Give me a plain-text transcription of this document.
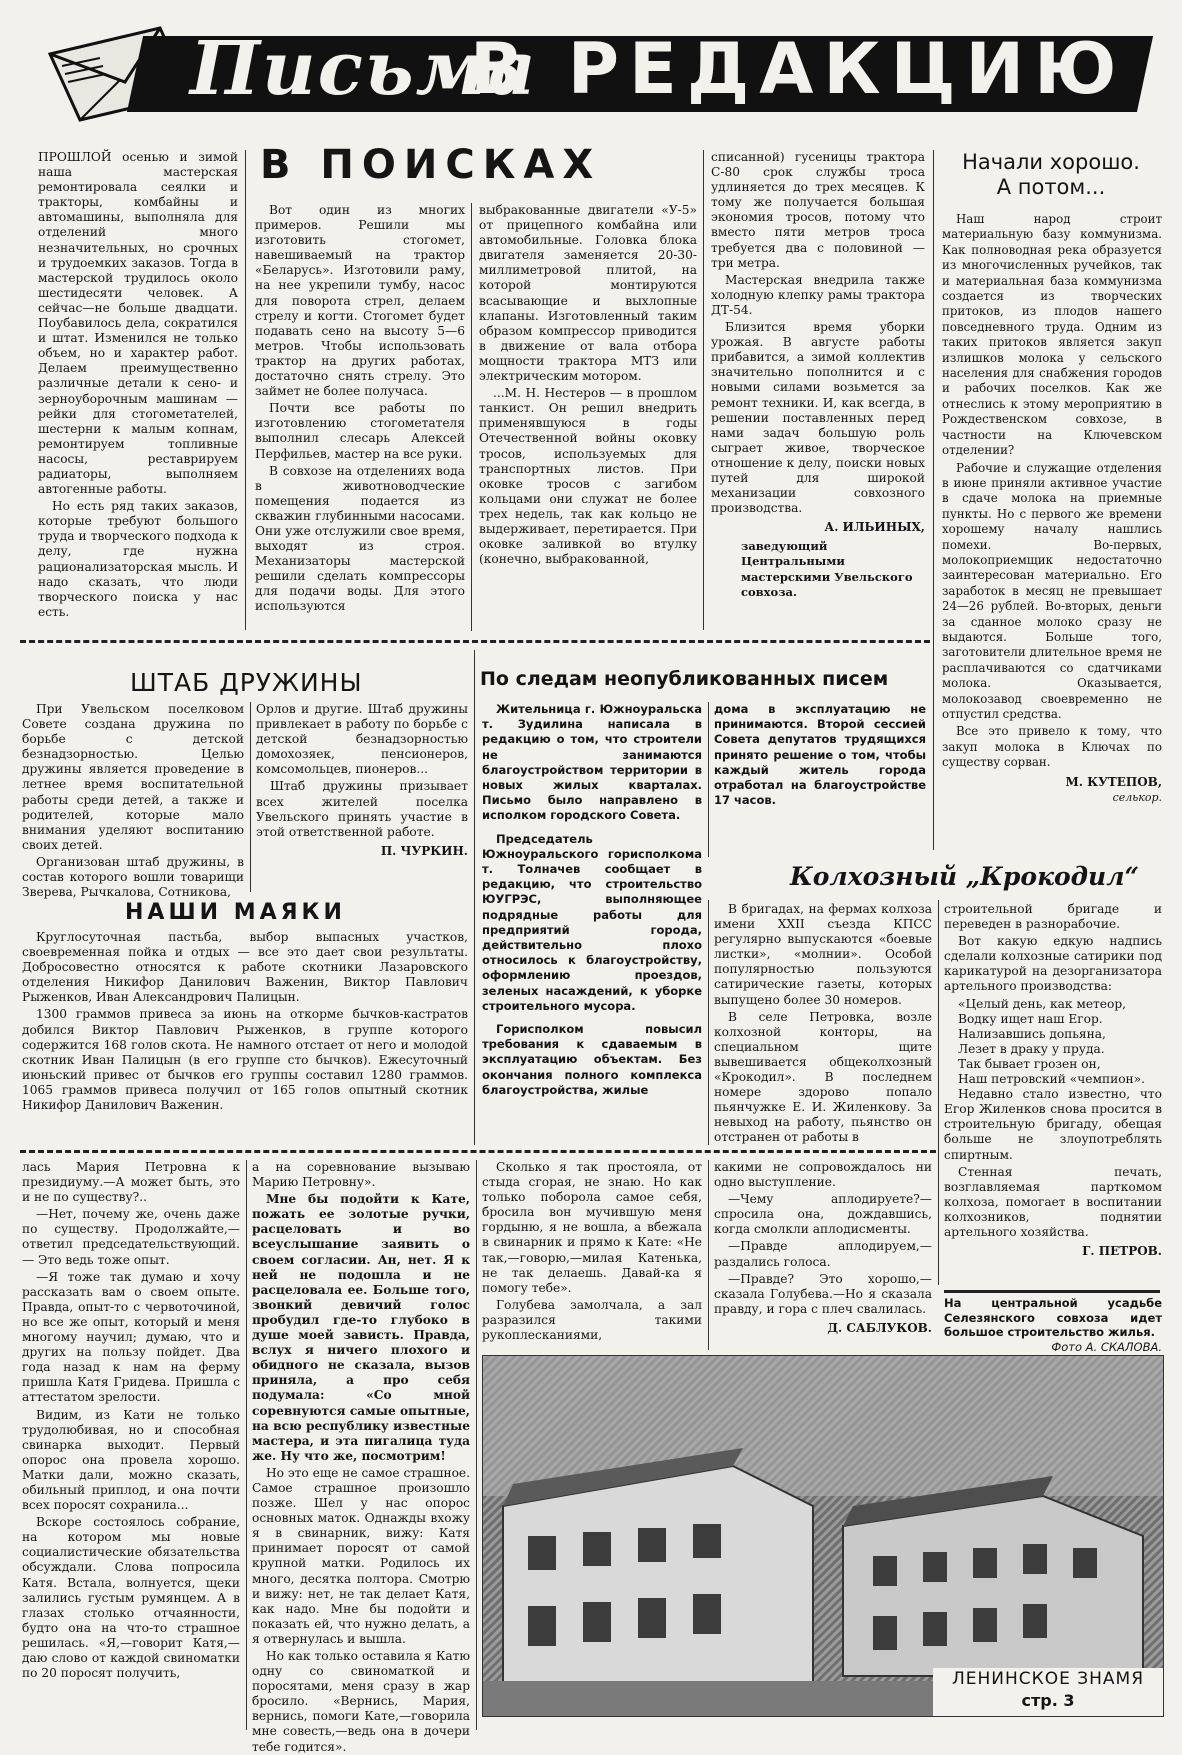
Письма
В РЕДАКЦИЮ
В ПОИСКАХ

ПРОШЛОЙ осенью и зимой наша мастерская ремонтировала сеялки и тракторы, комбайны и автомашины, выполняла для отделений много незначительных, но срочных и трудоемких заказов. Тогда в мастерской трудилось около шестидесяти человек. А сейчас—не больше двадцати. Поубавилось дела, сократился и штат. Изменился не только объем, но и характер работ. Делаем преимущественно различные детали к сено- и зерноуборочным машинам — рейки для стогометателей, шестерни к малым копнам, ремонтируем топливные насосы, реставрируем радиаторы, выполняем автогенные работы.

Но есть ряд таких заказов, которые требуют большого труда и творческого подхода к делу, где нужна рационализаторская мысль. И надо сказать, что люди творческого поиска у нас есть.

Вот один из многих примеров. Решили мы изготовить стогомет, навешиваемый на трактор «Беларусь». Изготовили раму, на нее укрепили тумбу, насос для поворота стрел, делаем стрелу и когти. Стогомет будет подавать сено на высоту 5—6 метров. Чтобы использовать трактор на других работах, достаточно снять стрелу. Это займет не более получаса.

Почти все работы по изготовлению стогометателя выполнил слесарь Алексей Перфильев, мастер на все руки.

В совхозе на отделениях вода в животноводческие помещения подается из скважин глубинными насосами. Они уже отслужили свое время, выходят из строя. Механизаторы мастерской решили сделать компрессоры для подачи воды. Для этого используются

выбракованные двигатели «У-5» от прицепного комбайна или автомобильные. Головка блока двигателя заменяется 20-30-миллиметровой плитой, на которой монтируются всасывающие и выхлопные клапаны. Изготовленный таким образом компрессор приводится в движение от вала отбора мощности трактора МТЗ или электрическим мотором.

...М. Н. Нестеров — в прошлом танкист. Он решил внедрить применявшуюся в годы Отечественной войны оковку тросов, используемых для транспортных листов. При оковке тросов с загибом кольцами они служат не более трех недель, так как кольцо не выдерживает, перетирается. При оковке заливкой во втулку (конечно, выбракованной,

списанной) гусеницы трактора С-80 срок службы троса удлиняется до трех месяцев. К тому же получается большая экономия тросов, потому что вместо пяти метров троса требуется два с половиной — три метра.

Мастерская внедрила также холодную клепку рамы трактора ДТ-54.

Близится время уборки урожая. В августе работы прибавится, а зимой коллектив значительно пополнится и с новыми силами возьмется за ремонт техники. И, как всегда, в решении поставленных перед нами задач большую роль сыграет живое, творческое отношение к делу, поиски новых путей для широкой механизации совхозного производства.

А. ИЛЬИНЫХ,
заведующий Центральными мастерскими Увельского совхоза.
Начали хорошо.
А потом...

Наш народ строит материальную базу коммунизма. Как полноводная река образуется из многочисленных ручейков, так и материальная база коммунизма создается из творческих притоков, из плодов нашего повседневного труда. Одним из таких притоков является закуп излишков молока у сельского населения для снабжения городов и рабочих поселков. Как же отнеслись к этому мероприятию в Рождественском совхозе, в частности на Ключевском отделении?

Рабочие и служащие отделения в июне приняли активное участие в сдаче молока на приемные пункты. Но с первого же времени хорошему началу нашлись помехи. Во-первых, молокоприемщик недостаточно заинтересован материально. Его заработок в месяц не превышает 24—26 рублей. Во-вторых, деньги за сданное молоко сразу не выдаются. Больше того, заготовители длительное время не расплачиваются со сдатчиками молока. Оказывается, молокозавод своевременно не отпустил средства.

Все это привело к тому, что закуп молока в Ключах по существу сорван.

М. КУТЕПОВ,
селькор.
ШТАБ ДРУЖИНЫ

При Увельском поселковом Совете создана дружина по борьбе с детской безнадзорностью. Целью дружины является проведение в летнее время воспитательной работы среди детей, а также и родителей, которые мало внимания уделяют воспитанию своих детей.

Организован штаб дружины, в состав которого вошли товарищи Зверева, Рычкалова, Сотникова,

Орлов и другие. Штаб дружины привлекает в работу по борьбе с детской безнадзорностью домохозяек, пенсионеров, комсомольцев, пионеров...

Штаб дружины призывает всех жителей поселка Увельского принять участие в этой ответственной работе.

П. ЧУРКИН.
НАШИ МАЯКИ

Круглосуточная пастьба, выбор выпасных участков, своевременная пойка и отдых — все это дает свои результаты. Добросовестно относятся к работе скотники Лазаровского отделения Никифор Данилович Важенин, Виктор Павлович Рыженков, Иван Александрович Палицын.

1300 граммов привеса за июнь на откорме бычков-кастратов добился Виктор Павлович Рыженков, в группе которого содержится 168 голов скота. Не намного отстает от него и молодой скотник Иван Палицын (в его группе сто бычков). Ежесуточный июньский привес от бычков его группы составил 1280 граммов. 1065 граммов привеса получил от 165 голов опытный скотник Никифор Данилович Важенин.

По следам неопубликованных писем

Жительница г. Южноуральска т. Зудилина написала в редакцию о том, что строители не занимаются благоустройством территории в новых жилых кварталах. Письмо было направлено в исполком городского Совета.

Председатель Южноуральского горисполкома т. Толначев сообщает в редакцию, что строительство ЮУГРЭС, выполняющее подрядные работы для предприятий города, действительно плохо относилось к благоустройству, оформлению проездов, зеленых насаждений, к уборке строительного мусора.

Горисполком повысил требования к сдаваемым в эксплуатацию объектам. Без окончания полного комплекса благоустройства, жилые

дома в эксплуатацию не принимаются. Второй сессией Совета депутатов трудящихся принято решение о том, чтобы каждый житель города отработал на благоустройстве 17 часов.

Колхозный „Крокодил“

В бригадах, на фермах колхоза имени XXII съезда КПСС регулярно выпускаются «боевые листки», «молнии». Особой популярностью пользуются сатирические газеты, которых выпущено более 30 номеров.

В селе Петровка, возле колхозной конторы, на специальном щите вывешивается общеколхозный «Крокодил». В последнем номере здорово попало пьянчужке Е. И. Жиленкову. За невыход на работу, пьянство он отстранен от работы в

строительной бригаде и переведен в разнорабочие.

Вот какую едкую надпись сделали колхозные сатирики под карикатурой на дезорганизатора артельного производства:

«Целый день, как метеор,
Водку ищет наш Егор.
Нализавшись допьяна,
Лезет в драку у пруда.
Так бывает грозен он,
Наш петровский «чемпион».

Недавно стало известно, что Егор Жиленков снова просится в строительную бригаду, обещая больше не злоупотреблять спиртным.

Стенная печать, возглавляемая парткомом колхоза, помогает в воспитании колхозников, поднятии артельного хозяйства.

Г. ПЕТРОВ.

лась Мария Петровна к президиуму.—А может быть, это и не по существу?..

—Нет, почему же, очень даже по существу. Продолжайте,—ответил председательствующий.— Это ведь тоже опыт.

—Я тоже так думаю и хочу рассказать вам о своем опыте. Правда, опыт-то с червоточиной, но все же опыт, который и меня многому научил; думаю, что и других на пользу пойдет. Два года назад к нам на ферму пришла Катя Гридева. Пришла с аттестатом зрелости.

Видим, из Кати не только трудолюбивая, но и способная свинарка выходит. Первый опорос она провела хорошо. Матки дали, можно сказать, обильный приплод, и она почти всех поросят сохранила...

Вскоре состоялось собрание, на котором мы новые социалистические обязательства обсуждали. Слова попросила Катя. Встала, волнуется, щеки залились густым румянцем. А в глазах столько отчаянности, будто она на что-то страшное решилась. «Я,—говорит Катя,—даю слово от каждой свиноматки по 20 поросят получить,

а на соревнование вызываю Марию Петровну».

Мне бы подойти к Кате, пожать ее золотые ручки, расцеловать и во всеуслышание заявить о своем согласии. Ан, нет. Я к ней не подошла и не расцеловала ее. Больше того, звонкий девичий голос пробудил где-то глубоко в душе моей зависть. Правда, вслух я ничего плохого и обидного не сказала, вызов приняла, а про себя подумала: «Со мной соревнуются самые опытные, на всю республику известные мастера, и эта пигалица туда же. Ну что же, посмотрим!

Но это еще не самое страшное. Самое страшное произошло позже. Шел у нас опорос основных маток. Однажды вхожу я в свинарник, вижу: Катя принимает поросят от самой крупной матки. Родилось их много, десятка полтора. Смотрю и вижу: нет, не так делает Катя, как надо. Мне бы подойти и показать ей, что нужно делать, а я отвернулась и вышла.

Но как только оставила я Катю одну со свиноматкой и поросятами, меня сразу в жар бросило. «Вернись, Мария, вернись, помоги Кате,—говорила мне совесть,—ведь она в дочери тебе годится».

Сколько я так простояла, от стыда сгорая, не знаю. Но как только поборола самое себя, бросила вон мучившую меня гордыню, я не вошла, а вбежала в свинарник и прямо к Кате: «Не так,—говорю,—милая Катенька, не так делаешь. Давай-ка я помогу тебе».

Голубева замолчала, а зал разразился такими рукоплесканиями,

какими не сопровождалось ни одно выступление.

—Чему аплодируете?—спросила она, дождавшись, когда смолкли аплодисменты.

—Правде аплодируем,— раздались голоса.

—Правде? Это хорошо,—сказала Голубева.—Но я сказала правду, и гора с плеч свалилась.

Д. САБЛУКОВ.
На центральной усадьбе Селезянского совхоза идет большое строительство жилья.
Фото А. СКАЛОВА.
ЛЕНИНСКОЕ ЗНАМЯ
стр. 3
